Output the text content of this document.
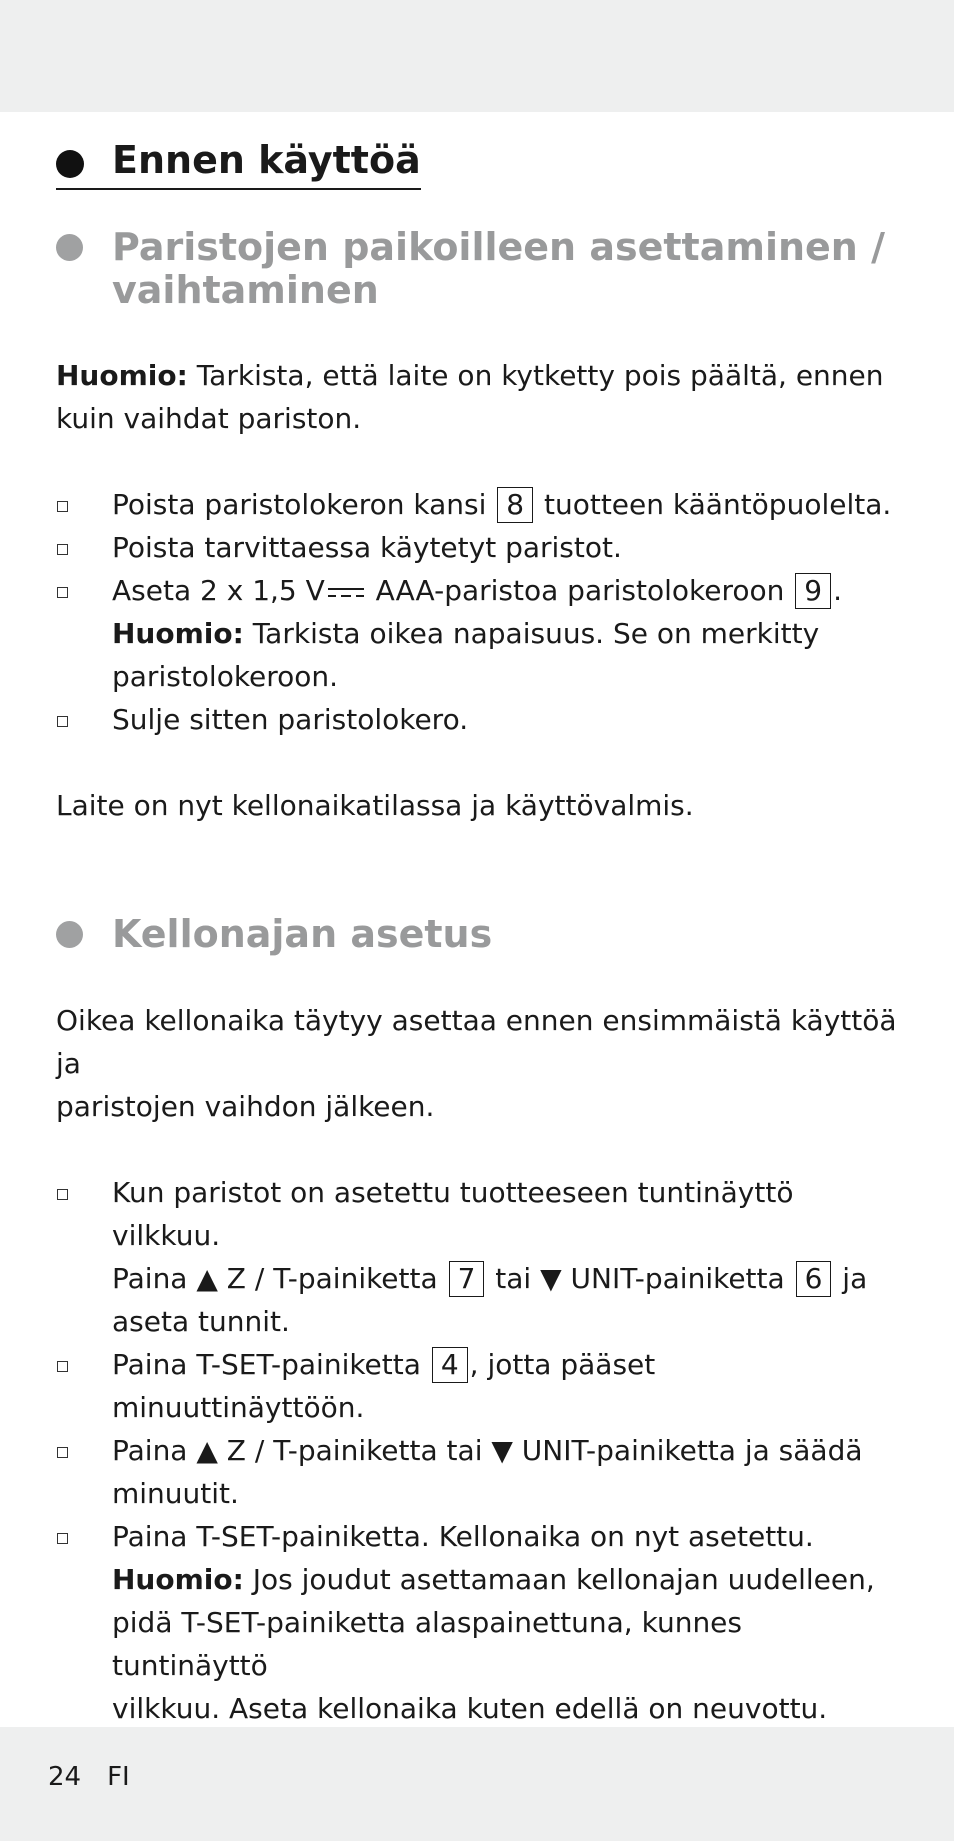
Ennen käyttöä
Paristojen paikoilleen asettaminen /
vaihtaminen

Huomio: Tarkista, että laite on kytketty pois päältä, ennen
kuin vaihdat pariston.

Poista paristolokeron kansi 8 tuotteen kääntöpuolelta.
Poista tarvittaessa käytetyt paristot.
Aseta 2 x 1,5 V AAA-paristoa paristolokeroon 9 .
Huomio: Tarkista oikea napaisuus. Se on merkitty
paristolokeroon.
Sulje sitten paristolokero.

Laite on nyt kellonaikatilassa ja käyttövalmis.

Kellonajan asetus

Oikea kellonaika täytyy asettaa ennen ensimmäistä käyttöä ja
paristojen vaihdon jälkeen.

Kun paristot on asetettu tuotteeseen tuntinäyttö vilkkuu.
Paina ▲ Z / T-painiketta 7 tai ▼ UNIT-painiketta 6 ja
aseta tunnit.
Paina T-SET-painiketta 4 , jotta pääset minuuttinäyttöön.
Paina ▲ Z / T-painiketta tai ▼ UNIT-painiketta ja säädä
minuutit.
Paina T-SET-painiketta. Kellonaika on nyt asetettu.
Huomio: Jos joudut asettamaan kellonajan uudelleen,
pidä T-SET-painiketta alaspainettuna, kunnes tuntinäyttö
vilkkuu. Aseta kellonaika kuten edellä on neuvottu.
24 FI
